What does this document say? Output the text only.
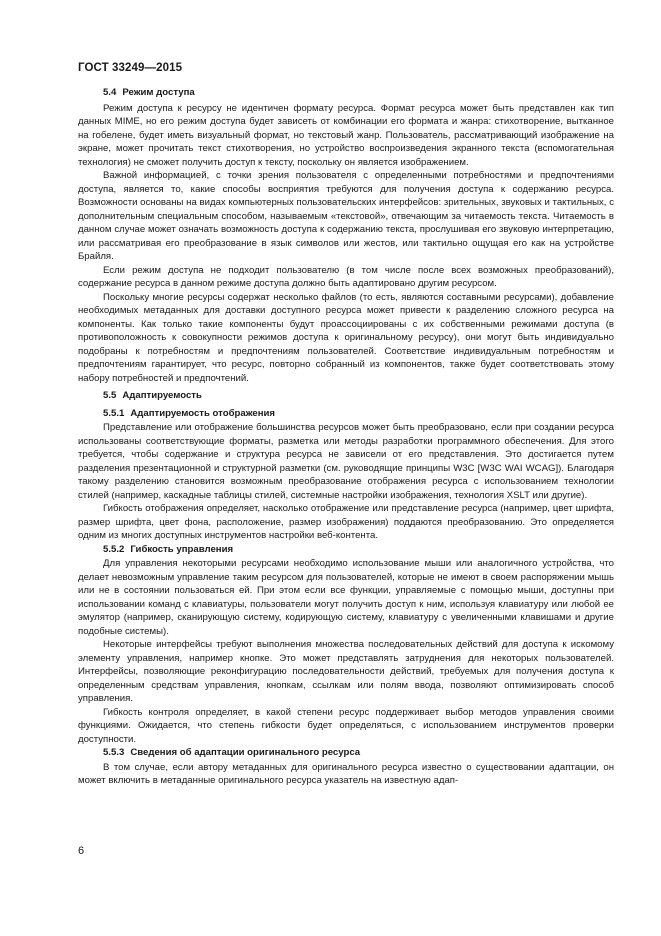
ГОСТ 33249—2015
5.4 Режим доступа

Режим доступа к ресурсу не идентичен формату ресурса. Формат ресурса может быть представлен как тип данных MIME, но его режим доступа будет зависеть от комбинации его формата и жанра: стихотворение, вытканное на гобелене, будет иметь визуальный формат, но текстовый жанр. Пользователь, рассматривающий изображение на экране, может прочитать текст стихотворения, но устройство воспроизведения экранного текста (вспомогательная технология) не сможет получить доступ к тексту, поскольку он является изображением.

Важной информацией, с точки зрения пользователя с определенными потребностями и предпочтениями доступа, является то, какие способы восприятия требуются для получения доступа к содержанию ресурса. Возможности основаны на видах компьютерных пользовательских интерфейсов: зрительных, звуковых и тактильных, с дополнительным специальным способом, называемым «текстовой», отвечающим за читаемость текста. Читаемость в данном случае может означать возможность доступа к содержанию текста, прослушивая его звуковую интерпретацию, или рассматривая его преобразование в язык символов или жестов, или тактильно ощущая его как на устройстве Брайля.

Если режим доступа не подходит пользователю (в том числе после всех возможных преобразований), содержание ресурса в данном режиме доступа должно быть адаптировано другим ресурсом.

Поскольку многие ресурсы содержат несколько файлов (то есть, являются составными ресурсами), добавление необходимых метаданных для доставки доступного ресурса может привести к разделению сложного ресурса на компоненты. Как только такие компоненты будут проассоциированы с их собственными режимами доступа (в противоположность к совокупности режимов доступа к оригинальному ресурсу), они могут быть индивидуально подобраны к потребностям и предпочтениям пользователей. Соответствие индивидуальным потребностям и предпочтениям гарантирует, что ресурс, повторно собранный из компонентов, также будет соответствовать этому набору потребностей и предпочтений.

5.5 Адаптируемость
5.5.1 Адаптируемость отображения

Представление или отображение большинства ресурсов может быть преобразовано, если при создании ресурса использованы соответствующие форматы, разметка или методы разработки программного обеспечения. Для этого требуется, чтобы содержание и структура ресурса не зависели от его представления. Это достигается путем разделения презентационной и структурной разметки (см. руководящие принципы W3C [W3C WAI WCAG]). Благодаря такому разделению становится возможным преобразование отображения ресурса с использованием технологии стилей (например, каскадные таблицы стилей, системные настройки изображения, технология XSLT или другие).

Гибкость отображения определяет, насколько отображение или представление ресурса (например, цвет шрифта, размер шрифта, цвет фона, расположение, размер изображения) поддаются преобразованию. Это определяется одним из многих доступных инструментов настройки веб-контента.

5.5.2 Гибкость управления

Для управления некоторыми ресурсами необходимо использование мыши или аналогичного устройства, что делает невозможным управление таким ресурсом для пользователей, которые не имеют в своем распоряжении мышь или не в состоянии пользоваться ей. При этом если все функции, управляемые с помощью мыши, доступны при использовании команд с клавиатуры, пользователи могут получить доступ к ним, используя клавиатуру или любой ее эмулятор (например, сканирующую систему, кодирующую систему, клавиатуру с увеличенными клавишами и другие подобные системы).

Некоторые интерфейсы требуют выполнения множества последовательных действий для доступа к искомому элементу управления, например кнопке. Это может представлять затруднения для некоторых пользователей. Интерфейсы, позволяющие реконфигурацию последовательности действий, требуемых для получения доступа к определенным средствам управления, кнопкам, ссылкам или полям ввода, позволяют оптимизировать способ управления.

Гибкость контроля определяет, в какой степени ресурс поддерживает выбор методов управления своими функциями. Ожидается, что степень гибкости будет определяться, с использованием инструментов проверки доступности.

5.5.3 Сведения об адаптации оригинального ресурса

В том случае, если автору метаданных для оригинального ресурса известно о существовании адаптации, он может включить в метаданные оригинального ресурса указатель на известную адап-

6
